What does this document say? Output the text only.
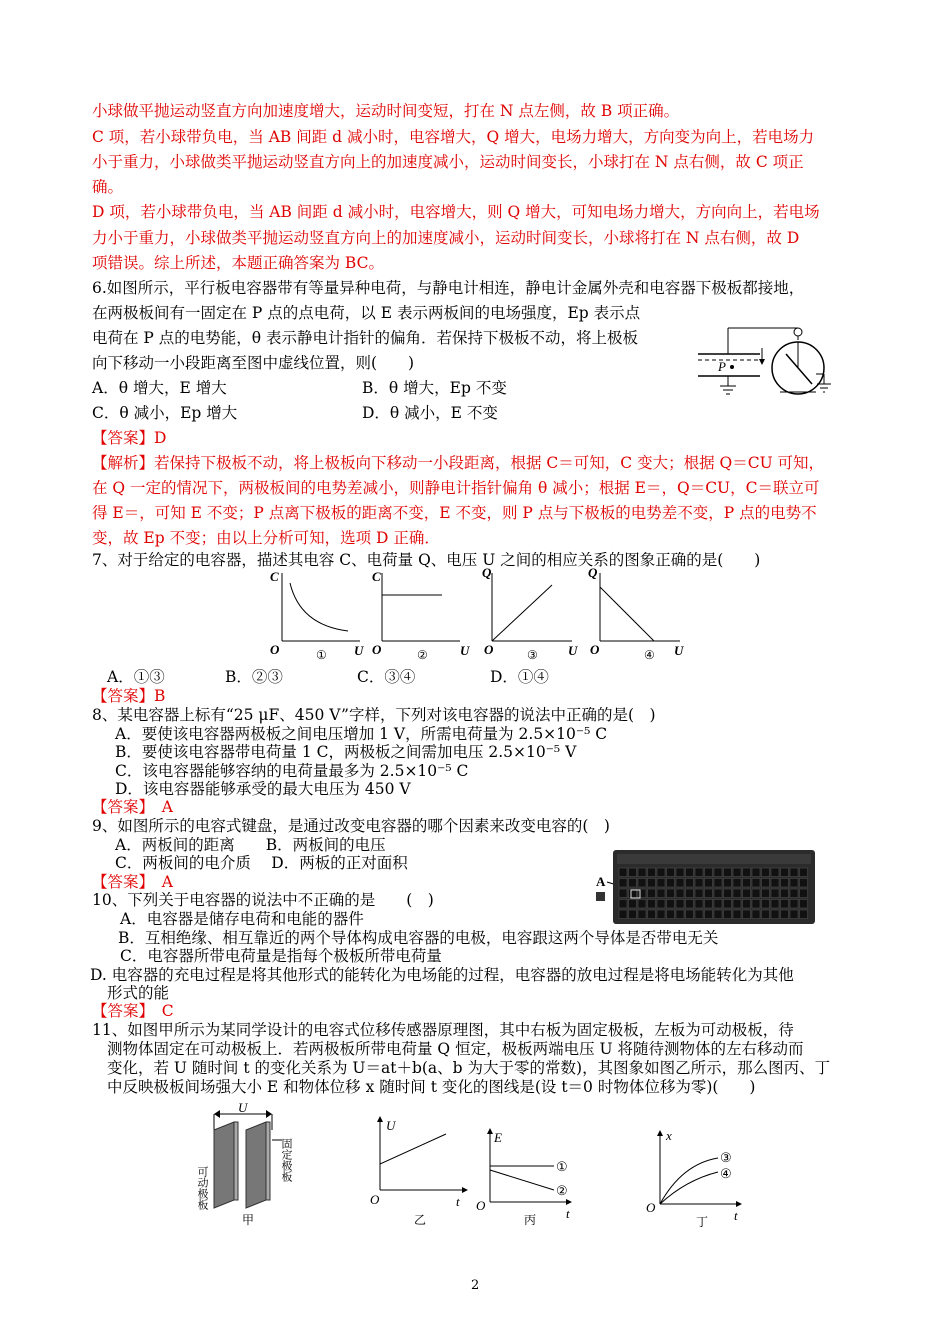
小球做平抛运动竖直方向加速度增大，运动时间变短，打在 N 点左侧，故 B 项正确。
C 项，若小球带负电，当 AB 间距 d 减小时，电容增大，Q 增大，电场力增大，方向变为向上，若电场力
小于重力，小球做类平抛运动竖直方向上的加速度减小，运动时间变长，小球打在 N 点右侧，故 C 项正
确。
D 项，若小球带负电，当 AB 间距 d 减小时，电容增大，则 Q 增大，可知电场力增大，方向向上，若电场
力小于重力，小球做类平抛运动竖直方向上的加速度减小，运动时间变长，小球将打在 N 点右侧，故 D
项错误。综上所述，本题正确答案为 BC。
6.如图所示，平行板电容器带有等量异种电荷，与静电计相连，静电计金属外壳和电容器下极板都接地，
在两极板间有一固定在 P 点的点电荷，以 E 表示两板间的电场强度，Ep 表示点
电荷在 P 点的电势能，θ 表示静电计指针的偏角．若保持下极板不动，将上极板
向下移动一小段距离至图中虚线位置，则(　　)
A．θ 增大，E 增大	B．θ 增大，Ep 不变
C．θ 减小，Ep 增大	D．θ 减小，E 不变
【答案】D
【解析】若保持下极板不动，将上极板向下移动一小段距离，根据 C＝可知，C 变大；根据 Q＝CU 可知，
在 Q 一定的情况下，两极板间的电势差减小，则静电计指针偏角 θ 减小；根据 E＝，Q＝CU，C＝联立可
得 E＝，可知 E 不变；P 点离下极板的距离不变，E 不变，则 P 点与下极板的电势差不变，P 点的电势不
变，故 Ep 不变；由以上分析可知，选项 D 正确．
P
7、对于给定的电容器，描述其电容 C、电荷量 Q、电压 U 之间的相应关系的图象正确的是(　　)
C
O	U
①
C
O	U
②
Q
O	U
③
Q
O	U
④
A．①③	B．②③	C．③④	D．①④
【答案】B
8、某电容器上标有“25 μF、450 V”字样，下列对该电容器的说法中正确的是(　)
A．要使该电容器两极板之间电压增加 1 V，所需电荷量为 2.5×10⁻⁵ C
B．要使该电容器带电荷量 1 C，两极板之间需加电压 2.5×10⁻⁵ V
C．该电容器能够容纳的电荷量最多为 2.5×10⁻⁵ C
D．该电容器能够承受的最大电压为 450 V
【答案】　A
9、如图所示的电容式键盘，是通过改变电容器的哪个因素来改变电容的(　)
A．两板间的距离　　B．两板间的电压
C．两板间的电介质　 D．两板的正对面积
【答案】　A	A
10、下列关于电容器的说法中不正确的是　　(　)
A．电容器是储存电荷和电能的器件
B．互相绝缘、相互靠近的两个导体构成电容器的电极，电容跟这两个导体是否带电无关
C．电容器所带电荷量是指每个极板所带电荷量
D. 电容器的充电过程是将其他形式的能转化为电场能的过程，电容器的放电过程是将电场能转化为其他
形式的能
【答案】　C
11、如图甲所示为某同学设计的电容式位移传感器原理图，其中右板为固定极板，左板为可动极板，待
测物体固定在可动极板上．若两极板所带电荷量 Q 恒定，极板两端电压 U 将随待测物体的左右移动而
变化，若 U 随时间 t 的变化关系为 U＝at＋b(a、b 为大于零的常数)，其图象如图乙所示，那么图丙、丁
中反映极板间场强大小 E 和物体位移 x 随时间 t 变化的图线是(设 t＝0 时物体位移为零)(　　)
U
固定极板
可动极板
甲
U
O	t
乙
E
O
t
①
②
丙
x
O
t
③
④
丁
2
